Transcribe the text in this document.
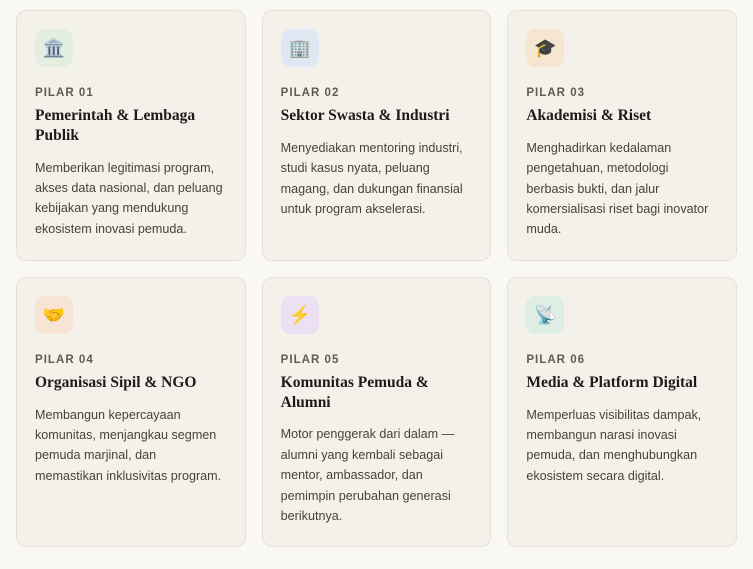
🏛️
PILAR 01
Pemerintah & Lembaga Publik

Memberikan legitimasi program, akses data nasional, dan peluang kebijakan yang mendukung ekosistem inovasi pemuda.

🏢
PILAR 02
Sektor Swasta & Industri

Menyediakan mentoring industri, studi kasus nyata, peluang magang, dan dukungan finansial untuk program akselerasi.

🎓
PILAR 03
Akademisi & Riset

Menghadirkan kedalaman pengetahuan, metodologi berbasis bukti, dan jalur komersialisasi riset bagi inovator muda.

🤝
PILAR 04
Organisasi Sipil & NGO

Membangun kepercayaan komunitas, menjangkau segmen pemuda marjinal, dan memastikan inklusivitas program.

⚡
PILAR 05
Komunitas Pemuda & Alumni

Motor penggerak dari dalam — alumni yang kembali sebagai mentor, ambassador, dan pemimpin perubahan generasi berikutnya.

📡
PILAR 06
Media & Platform Digital

Memperluas visibilitas dampak, membangun narasi inovasi pemuda, dan menghubungkan ekosistem secara digital.
